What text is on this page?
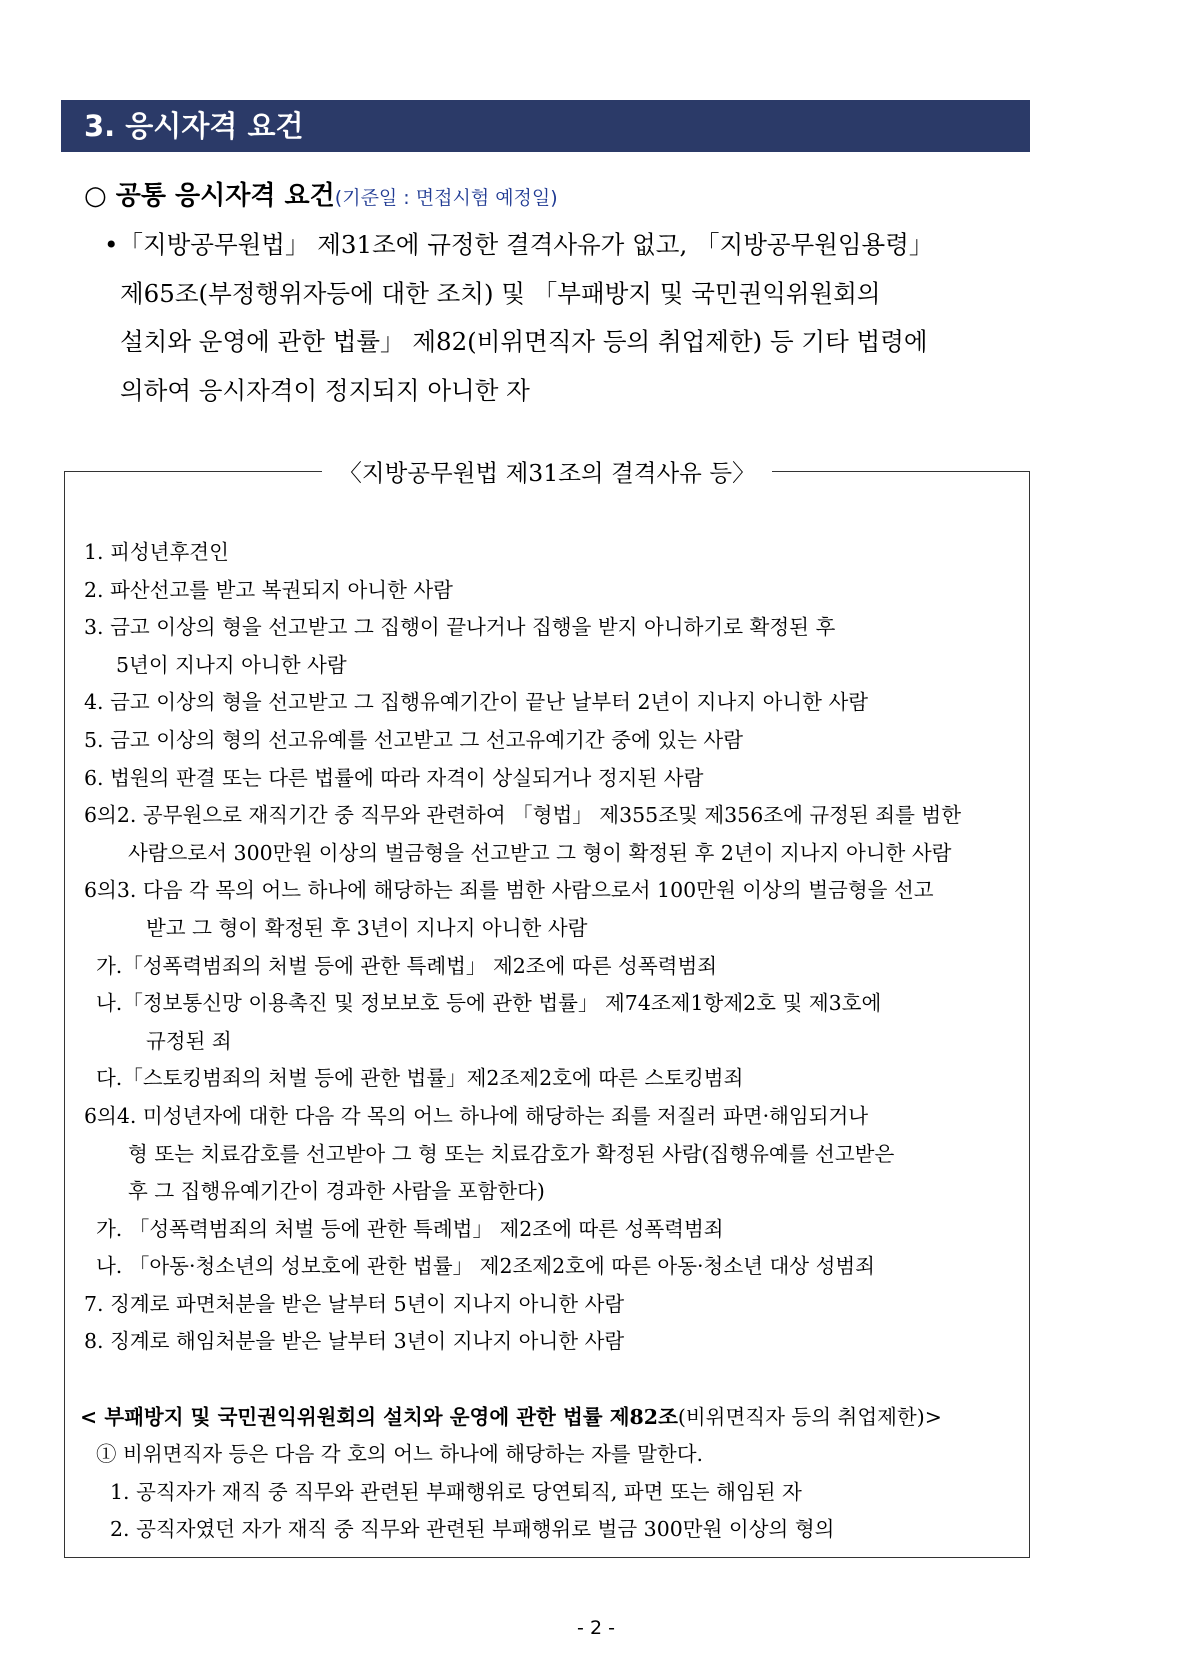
3. 응시자격 요건
○ 공통 응시자격 요건(기준일 : 면접시험 예정일)
•「지방공무원법」 제31조에 규정한 결격사유가 없고, 「지방공무원임용령」
제65조(부정행위자등에 대한 조치) 및 「부패방지 및 국민권익위원회의
설치와 운영에 관한 법률」 제82(비위면직자 등의 취업제한) 등 기타 법령에
의하여 응시자격이 정지되지 아니한 자
〈지방공무원법 제31조의 결격사유 등〉
1. 피성년후견인
2. 파산선고를 받고 복권되지 아니한 사람
3. 금고 이상의 형을 선고받고 그 집행이 끝나거나 집행을 받지 아니하기로 확정된 후
5년이 지나지 아니한 사람
4. 금고 이상의 형을 선고받고 그 집행유예기간이 끝난 날부터 2년이 지나지 아니한 사람
5. 금고 이상의 형의 선고유예를 선고받고 그 선고유예기간 중에 있는 사람
6. 법원의 판결 또는 다른 법률에 따라 자격이 상실되거나 정지된 사람
6의2. 공무원으로 재직기간 중 직무와 관련하여 「형법」 제355조및 제356조에 규정된 죄를 범한
사람으로서 300만원 이상의 벌금형을 선고받고 그 형이 확정된 후 2년이 지나지 아니한 사람
6의3. 다음 각 목의 어느 하나에 해당하는 죄를 범한 사람으로서 100만원 이상의 벌금형을 선고
받고 그 형이 확정된 후 3년이 지나지 아니한 사람
가.「성폭력범죄의 처벌 등에 관한 특례법」 제2조에 따른 성폭력범죄
나.「정보통신망 이용촉진 및 정보보호 등에 관한 법률」 제74조제1항제2호 및 제3호에
규정된 죄
다.「스토킹범죄의 처벌 등에 관한 법률」제2조제2호에 따른 스토킹범죄
6의4. 미성년자에 대한 다음 각 목의 어느 하나에 해당하는 죄를 저질러 파면·해임되거나
형 또는 치료감호를 선고받아 그 형 또는 치료감호가 확정된 사람(집행유예를 선고받은
후 그 집행유예기간이 경과한 사람을 포함한다)
가. 「성폭력범죄의 처벌 등에 관한 특례법」 제2조에 따른 성폭력범죄
나. 「아동·청소년의 성보호에 관한 법률」 제2조제2호에 따른 아동·청소년 대상 성범죄
7. 징계로 파면처분을 받은 날부터 5년이 지나지 아니한 사람
8. 징계로 해임처분을 받은 날부터 3년이 지나지 아니한 사람
< 부패방지 및 국민권익위원회의 설치와 운영에 관한 법률 제82조(비위면직자 등의 취업제한)>
① 비위면직자 등은 다음 각 호의 어느 하나에 해당하는 자를 말한다.
1. 공직자가 재직 중 직무와 관련된 부패행위로 당연퇴직, 파면 또는 해임된 자
2. 공직자였던 자가 재직 중 직무와 관련된 부패행위로 벌금 300만원 이상의 형의
- 2 -
